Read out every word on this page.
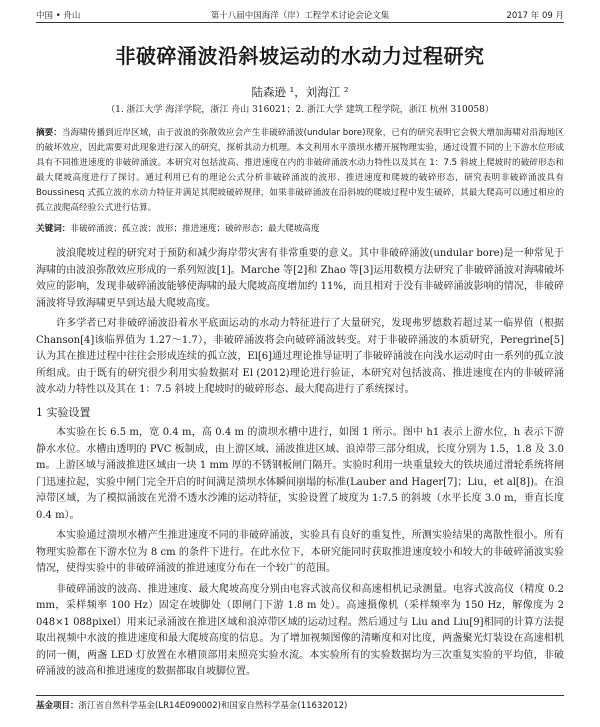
中国 • 舟山	第十八届中国海洋（岸）工程学术讨论会论文集	2017 年 09 月
非破碎涌波沿斜坡运动的水动力过程研究
陆森逊 ¹，刘海江 ²
（1. 浙江大学 海洋学院，浙江 舟山 316021；2. 浙江大学 建筑工程学院，浙江 杭州 310058）
摘要：当海啸传播到近岸区域，由于波浪的弥散效应会产生非破碎涌波(undular bore)现象，已有的研究表明它会极大增加海啸对沿海地区的破坏效应，因此需要对此现象进行深入的研究，探析其动力机理。本文利用水平溃坝水槽开展物理实验，通过设置不同的上下游水位形成具有不同推进速度的非破碎涌波。本研究对包括波高、推进速度在内的非破碎涌波水动力特性以及其在 1：7.5 斜坡上爬坡时的破碎形态和最大爬坡高度进行了探讨。通过利用已有的理论公式分析非破碎涌波的波形、推进速度和爬坡的破碎形态，研究表明非破碎涌波具有 Boussinesq 式孤立波的水动力特征并满足其爬坡破碎规律，如果非破碎涌波在沿斜坡的爬坡过程中发生破碎，其最大爬高可以通过相应的孤立波爬高经验公式进行估算。
关键词：非破碎涌波；孤立波；波形；推进速度；破碎形态；最大爬坡高度

波浪爬坡过程的研究对于预防和减少海岸带灾害有非常重要的意义。其中非破碎涌波(undular bore)是一种常见于海啸的由波浪弥散效应形成的一系列短波[1]。Marche 等[2]和 Zhao 等[3]运用数模方法研究了非破碎涌波对海啸破坏效应的影响，发现非破碎涌波能够使海啸的最大爬坡高度增加约 11%，而且相对于没有非破碎涌波影响的情况，非破碎涌波将导致海啸更早到达最大爬坡高度。

许多学者已对非破碎涌波沿着水平底面运动的水动力特征进行了大量研究，发现弗罗德数若超过某一临界值（根据 Chanson[4]该临界值为 1.27～1.7），非破碎涌波将会向破碎涌波转变。对于非破碎涌波的本质研究，Peregrine[5]认为其在推进过程中往往会形成连续的孤立波，El[6]通过理论推导证明了非破碎涌波在向浅水运动时由一系列的孤立波所组成。由于既有的研究很少利用实验数据对 El (2012)理论进行验证，本研究对包括波高、推进速度在内的非破碎涌波水动力特性以及其在 1：7.5 斜坡上爬坡时的破碎形态、最大爬高进行了系统探讨。

1 实验设置

本实验在长 6.5 m，宽 0.4 m，高 0.4 m 的溃坝水槽中进行，如图 1 所示。图中 h1 表示上游水位，h 表示下游静水水位。水槽由透明的 PVC 板制成，由上游区域、涌波推进区域、浪淖带三部分组成，长度分别为 1.5，1.8 及 3.0 m。上游区域与涌波推进区域由一块 1 mm 厚的不锈钢板闸门隔开。实验时利用一块重量较大的铁块通过滑轮系统将闸门迅速拉起，实验中闸门完全开启的时间满足溃坝水体瞬间崩塌的标准(Lauber and Hager[7]；Liu，et al[8])。在浪淖带区域，为了模拟涌波在光滑不透水沙滩的运动特征，实验设置了坡度为 1:7.5 的斜坡（水平长度 3.0 m，垂直长度 0.4 m）。

本实验通过溃坝水槽产生推进速度不同的非破碎涌波，实验具有良好的重复性，所测实验结果的离散性很小。所有物理实验都在下游水位为 8 cm 的条件下进行。在此水位下，本研究能同时获取推进速度较小和较大的非破碎涌波实验情况，使得实验中的非破碎涌波的推进速度分布在一个较广的范围。

非破碎涌波的波高、推进速度、最大爬坡高度分别由电容式波高仪和高速相机记录测量。电容式波高仪（精度 0.2 mm，采样频率 100 Hz）固定在坡脚处（即闸门下游 1.8 m 处）。高速摄像机（采样频率为 150 Hz，解像度为 2 048×1 088pixel）用来记录涌波在推进区域和浪淖带区域的运动过程。然后通过与 Liu and Liu[9]相同的计算方法提取出视频中水波的推进速度和最大爬坡高度的信息。为了增加视频图像的清晰度和对比度，两盏聚光灯装设在高速相机的同一侧，两盏 LED 灯放置在水槽顶部用来照亮实验水流。本实验所有的实验数据均为三次重复实验的平均值，非破碎涌波的波高和推进速度的数据都取自坡脚位置。

基金项目：浙江省自然科学基金(LR14E090002)和国家自然科学基金(11632012)
